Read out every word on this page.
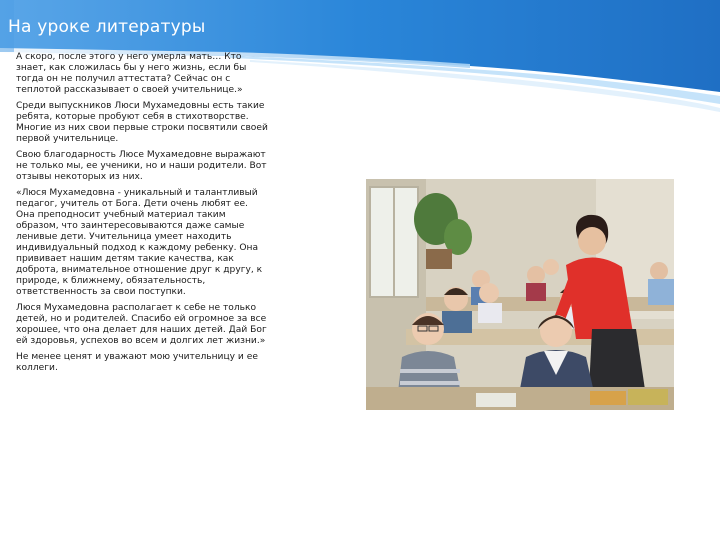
На уроке литературы

А скоро, после этого у него умерла мать… Кто знает, как сложилась бы у него жизнь, если бы тогда он не получил аттестата? Сейчас он с теплотой рассказывает о своей учительнице.»

Среди выпускников Люси Мухамедовны есть такие ребята, которые пробуют себя в стихотворстве. Многие из них свои первые строки посвятили своей первой учительнице.

Свою благодарность Люсе Мухамедовне выражают не только мы, ее ученики, но и наши родители. Вот отзывы некоторых из них.

«Люся Мухамедовна - уникальный и талантливый педагог, учитель от Бога. Дети очень любят ее. Она преподносит учебный материал таким образом, что заинтересовываются даже самые ленивые дети. Учительница умеет находить индивидуальный подход к каждому ребенку. Она прививает нашим детям такие качества, как доброта, внимательное отношение друг к другу, к природе, к ближнему, обязательность, ответственность за свои поступки.

Люся Мухамедовна располагает к себе не только детей, но и родителей. Спасибо ей огромное за все хорошее, что она делает для наших детей. Дай Бог ей здоровья, успехов во всем и долгих лет жизни.»

Не менее ценят и уважают мою учительницу и ее коллеги.
